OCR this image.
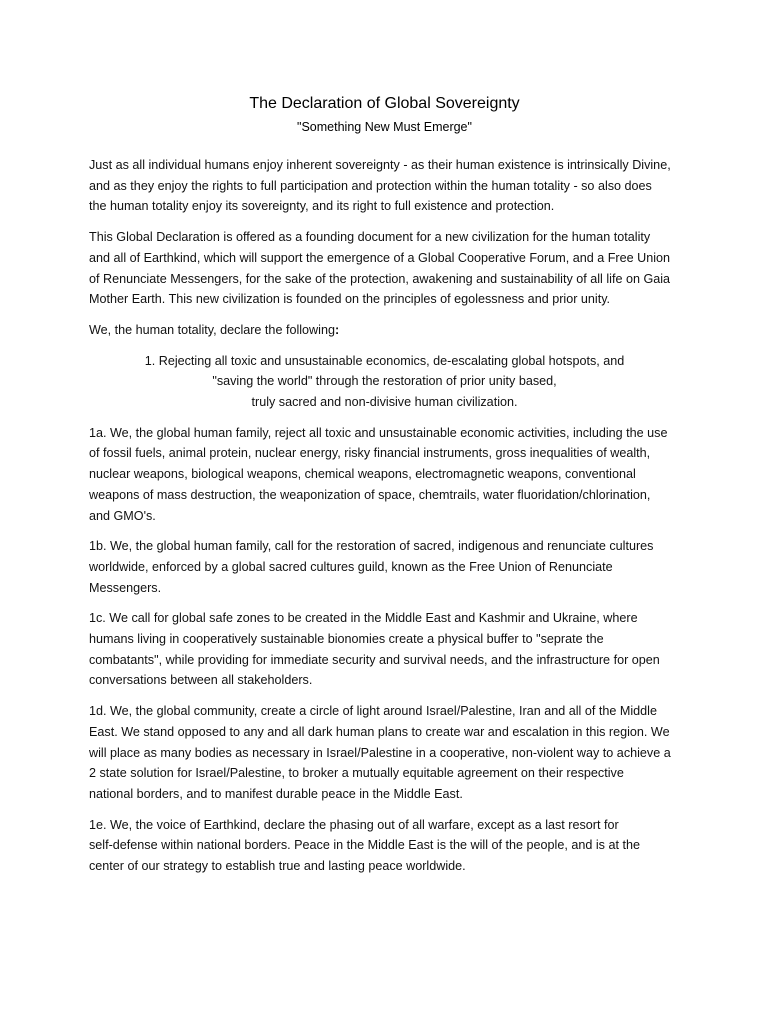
The Declaration of Global Sovereignty
"Something New Must Emerge"

Just as all individual humans enjoy inherent sovereignty - as their human existence is intrinsically Divine,
and as they enjoy the rights to full participation and protection within the human totality - so also does
the human totality enjoy its sovereignty, and its right to full existence and protection.

This Global Declaration is offered as a founding document for a new civilization for the human totality
and all of Earthkind, which will support the emergence of a Global Cooperative Forum, and a Free Union
of Renunciate Messengers, for the sake of the protection, awakening and sustainability of all life on Gaia
Mother Earth. This new civilization is founded on the principles of egolessness and prior unity.

We, the human totality, declare the following:

1. Rejecting all toxic and unsustainable economics, de-escalating global hotspots, and
"saving the world" through the restoration of prior unity based,
truly sacred and non-divisive human civilization.

1a. We, the global human family, reject all toxic and unsustainable economic activities, including the use
of fossil fuels, animal protein, nuclear energy, risky financial instruments, gross inequalities of wealth,
nuclear weapons, biological weapons, chemical weapons, electromagnetic weapons, conventional
weapons of mass destruction, the weaponization of space, chemtrails, water fluoridation/chlorination,
and GMO's.

1b. We, the global human family, call for the restoration of sacred, indigenous and renunciate cultures
worldwide, enforced by a global sacred cultures guild, known as the Free Union of Renunciate
Messengers.

1c. We call for global safe zones to be created in the Middle East and Kashmir and Ukraine, where
humans living in cooperatively sustainable bionomies create a physical buffer to "seprate the
combatants", while providing for immediate security and survival needs, and the infrastructure for open
conversations between all stakeholders.

1d. We, the global community, create a circle of light around Israel/Palestine, Iran and all of the Middle
East. We stand opposed to any and all dark human plans to create war and escalation in this region. We
will place as many bodies as necessary in Israel/Palestine in a cooperative, non-violent way to achieve a
2 state solution for Israel/Palestine, to broker a mutually equitable agreement on their respective
national borders, and to manifest durable peace in the Middle East.

1e. We, the voice of Earthkind, declare the phasing out of all warfare, except as a last resort for
self-defense within national borders. Peace in the Middle East is the will of the people, and is at the
center of our strategy to establish true and lasting peace worldwide.
